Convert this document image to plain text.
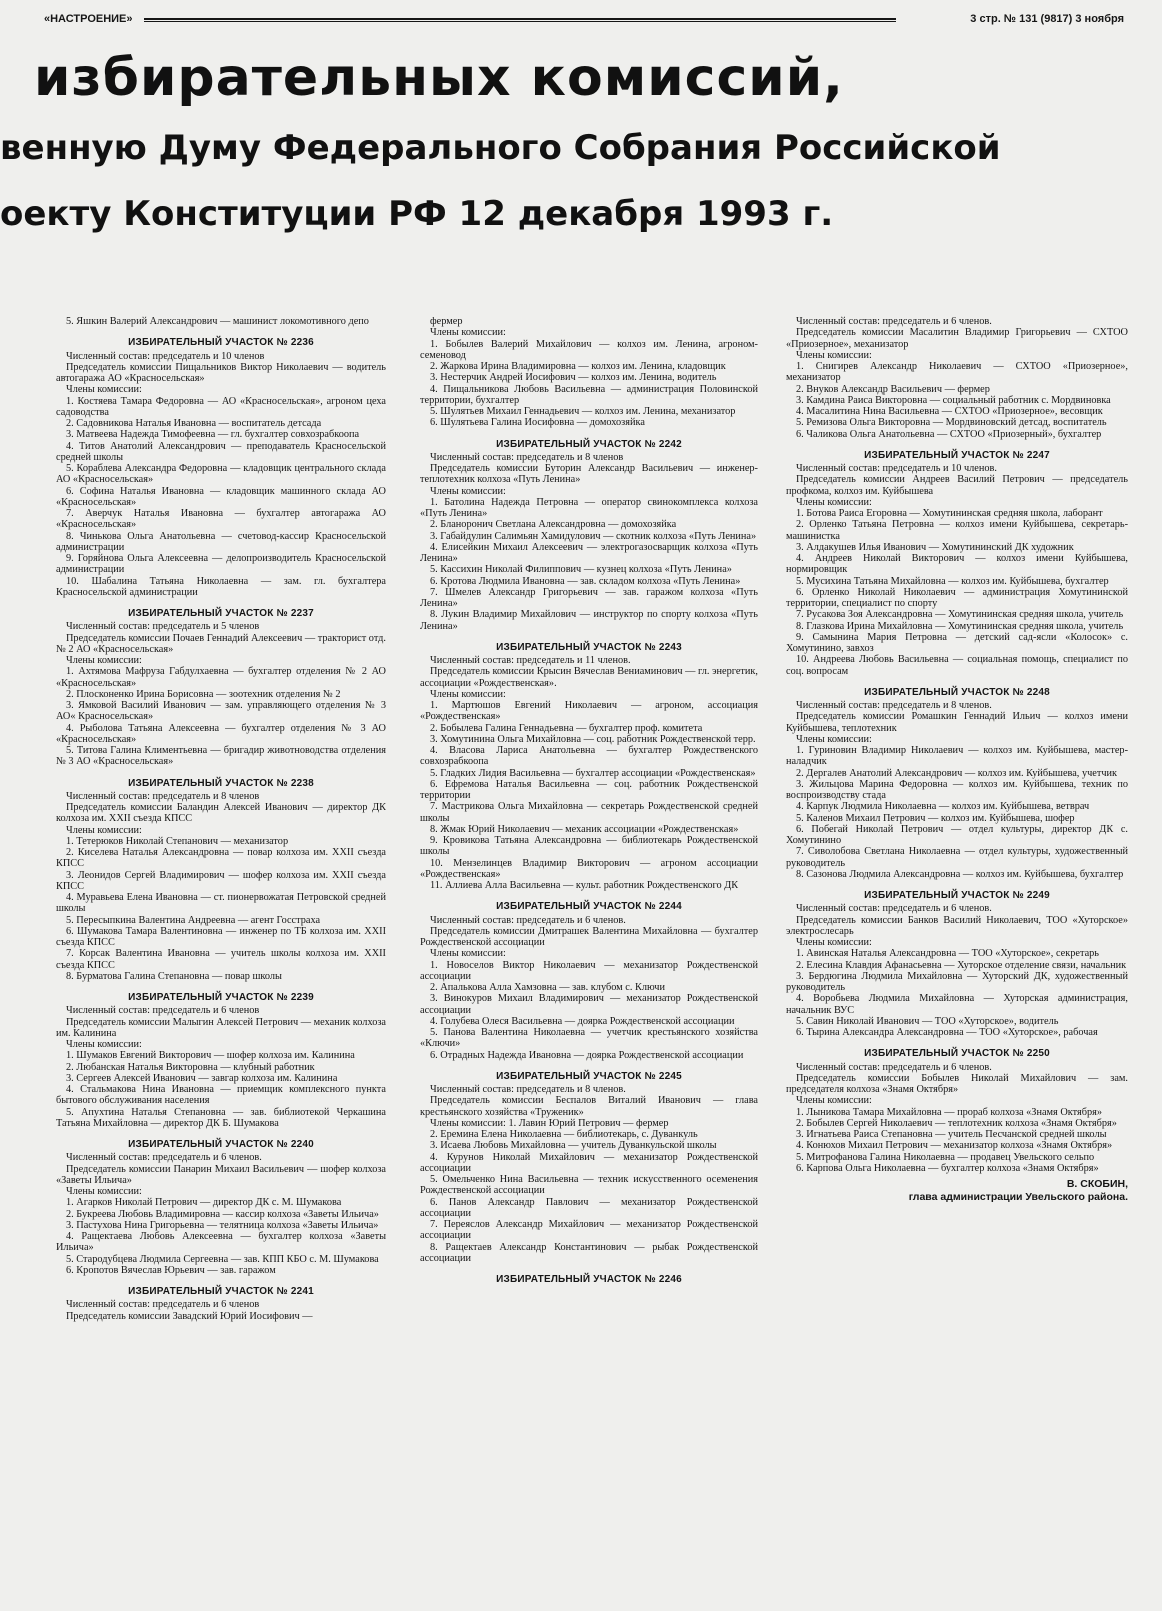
«НАСТРОЕНИЕ»	3 стр. № 131 (9817) 3 ноября
избирательных комиссий,
венную Думу Федерального Собрания Российской
оекту Конституции РФ 12 декабря 1993 г.
5. Яшкин Валерий Александрович — машинист локомотивного депо
ИЗБИРАТЕЛЬНЫЙ УЧАСТОК № 2236
Численный состав: председатель и 10 членов
Председатель комиссии Пищальников Виктор Николаевич — водитель автогаража АО «Красносельская»
Члены комиссии:
1. Костяева Тамара Федоровна — АО «Красносельская», агроном цеха садоводства
2. Садовникова Наталья Ивановна — воспитатель детсада
3. Матвеева Надежда Тимофеевна — гл. бухгалтер совхозрабкоопа
4. Титов Анатолий Александрович — преподаватель Красносельской средней школы
5. Кораблева Александра Федоровна — кладовщик центрального склада АО «Красносельская»
6. Софина Наталья Ивановна — кладовщик машинного склада АО «Красносельская»
7. Аверчук Наталья Ивановна — бухгалтер автогаража АО «Красносельская»
8. Чинькова Ольга Анатольевна — счетовод-кассир Красносельской администрации
9. Горяйнова Ольга Алексеевна — делопроизводитель Красносельской администрации
10. Шабалина Татьяна Николаевна — зам. гл. бухгалтера Красносельской администрации
ИЗБИРАТЕЛЬНЫЙ УЧАСТОК № 2237
Численный состав: председатель и 5 членов
Председатель комиссии Почаев Геннадий Алексеевич — тракторист отд. № 2 АО «Красносельская»
Члены комиссии:
1. Ахтямова Мафруза Габдулхаевна — бухгалтер отделения № 2 АО «Красносельская»
2. Плосконенко Ирина Борисовна — зоотехник отделения № 2
3. Ямковой Василий Иванович — зам. управляющего отделения № 3 АО« Красносельская»
4. Рыболова Татьяна Алексеевна — бухгалтер отделения № 3 АО «Красносельская»
5. Титова Галина Климентьевна — бригадир животноводства отделения № 3 АО «Красносельская»
ИЗБИРАТЕЛЬНЫЙ УЧАСТОК № 2238
Численный состав: председатель и 8 членов
Председатель комиссии Баландин Алексей Иванович — директор ДК колхоза им. XXII съезда КПСС
Члены комиссии:
1. Тетерюков Николай Степанович — механизатор
2. Киселева Наталья Александровна — повар колхоза им. XXII съезда КПСС
3. Леонидов Сергей Владимирович — шофер колхоза им. XXII съезда КПСС
4. Муравьева Елена Ивановна — ст. пионервожатая Петровской средней школы
5. Пересыпкина Валентина Андреевна — агент Госстраха
6. Шумакова Тамара Валентиновна — инженер по ТБ колхоза им. XXII съезда КПСС
7. Корсак Валентина Ивановна — учитель школы колхоза им. XXII съезда КПСС
8. Бурматова Галина Степановна — повар школы
ИЗБИРАТЕЛЬНЫЙ УЧАСТОК № 2239
Численный состав: председатель и 6 членов
Председатель комиссии Малыгин Алексей Петрович — механик колхоза им. Калинина
Члены комиссии:
1. Шумаков Евгений Викторович — шофер колхоза им. Калинина
2. Любанская Наталья Викторовна — клубный работник
3. Сергеев Алексей Иванович — завгар колхоза им. Калинина
4. Стальмакова Нина Ивановна — приемщик комплексного пункта бытового обслуживания населения
5. Апухтина Наталья Степановна — зав. библиотекой Черкашина Татьяна Михайловна — директор ДК Б. Шумакова
ИЗБИРАТЕЛЬНЫЙ УЧАСТОК № 2240
Численный состав: председатель и 6 членов.
Председатель комиссии Панарин Михаил Васильевич — шофер колхоза «Заветы Ильича»
Члены комиссии:
1. Агарков Николай Петрович — директор ДК с. М. Шумакова
2. Букреева Любовь Владимировна — кассир колхоза «Заветы Ильича»
3. Пастухова Нина Григорьевна — телятница колхоза «Заветы Ильича»
4. Ращектаева Любовь Алексеевна — бухгалтер колхоза «Заветы Ильича»
5. Стародубцева Людмила Сергеевна — зав. КПП КБО с. М. Шумакова
6. Кропотов Вячеслав Юрьевич — зав. гаражом
ИЗБИРАТЕЛЬНЫЙ УЧАСТОК № 2241
Численный состав: председатель и 6 членов
Председатель комиссии Завадский Юрий Иосифович —
фермер
Члены комиссии:
1. Бобылев Валерий Михайлович — колхоз им. Ленина, агроном-семеновод
2. Жаркова Ирина Владимировна — колхоз им. Ленина, кладовщик
3. Нестерчик Андрей Иосифович — колхоз им. Ленина, водитель
4. Пищальникова Любовь Васильевна — администрация Половинской территории, бухгалтер
5. Шулятьев Михаил Геннадьевич — колхоз им. Ленина, механизатор
6. Шулятьева Галина Иосифовна — домохозяйка
ИЗБИРАТЕЛЬНЫЙ УЧАСТОК № 2242
Численный состав: председатель и 8 членов
Председатель комиссии Буторин Александр Васильевич — инженер-теплотехник колхоза «Путь Ленина»
Члены комиссии:
1. Батолина Надежда Петровна — оператор свинокомплекса колхоза «Путь Ленина»
2. Бланоронич Светлана Александровна — домохозяйка
3. Габайдулин Салимьян Хамидулович — скотник колхоза «Путь Ленина»
4. Елисейкин Михаил Алексеевич — электрогазосварщик колхоза «Путь Ленина»
5. Кассихин Николай Филиппович — кузнец колхоза «Путь Ленина»
6. Кротова Людмила Ивановна — зав. складом колхоза «Путь Ленина»
7. Шмелев Александр Григорьевич — зав. гаражом колхоза «Путь Ленина»
8. Лукин Владимир Михайлович — инструктор по спорту колхоза «Путь Ленина»
ИЗБИРАТЕЛЬНЫЙ УЧАСТОК № 2243
Численный состав: председатель и 11 членов.
Председатель комиссии Крысин Вячеслав Вениаминович — гл. энергетик, ассоциации «Рождественская».
Члены комиссии:
1. Мартюшов Евгений Николаевич — агроном, ассоциация «Рождественская»
2. Бобылева Галина Геннадьевна — бухгалтер проф. комитета
3. Хомутинина Ольга Михайловна — соц. работник Рождественской терр.
4. Власова Лариса Анатольевна — бухгалтер Рождественского совхозрабкоопа
5. Гладких Лидия Васильевна — бухгалтер ассоциации «Рождественская»
6. Ефремова Наталья Васильевна — соц. работник Рождественской территории
7. Мастрикова Ольга Михайловна — секретарь Рождественской средней школы
8. Жмак Юрий Николаевич — механик ассоциации «Рождественская»
9. Кровикова Татьяна Александровна — библиотекарь Рождественской школы
10. Мензелинцев Владимир Викторович — агроном ассоциации «Рождественская»
11. Аллиева Алла Васильевна — культ. работник Рождественского ДК
ИЗБИРАТЕЛЬНЫЙ УЧАСТОК № 2244
Численный состав: председатель и 6 членов.
Председатель комиссии Дмитрашек Валентина Михайловна — бухгалтер Рождественской ассоциации
Члены комиссии:
1. Новоселов Виктор Николаевич — механизатор Рождественской ассоциации
2. Апалькова Алла Хамзовна — зав. клубом с. Ключи
3. Винокуров Михаил Владимирович — механизатор Рождественской ассоциации
4. Голубева Олеся Васильевна — доярка Рождественской ассоциации
5. Панова Валентина Николаевна — учетчик крестьянского хозяйства «Ключи»
6. Отрадных Надежда Ивановна — доярка Рождественской ассоциации
ИЗБИРАТЕЛЬНЫЙ УЧАСТОК № 2245
Численный состав: председатель и 8 членов.
Председатель комиссии Беспалов Виталий Иванович — глава крестьянского хозяйства «Труженик»
Члены комиссии: 1. Лавин Юрий Петрович — фермер
2. Еремина Елена Николаевна — библиотекарь, с. Дуванкуль
3. Исаева Любовь Михайловна — учитель Дуванкульской школы
4. Курунов Николай Михайлович — механизатор Рождественской ассоциации
5. Омельченко Нина Васильевна — техник искусственного осеменения Рождественской ассоциации
6. Панов Александр Павлович — механизатор Рождественской ассоциации
7. Переяслов Александр Михайлович — механизатор Рождественской ассоциации
8. Ращектаев Александр Константинович — рыбак Рождественской ассоциации
ИЗБИРАТЕЛЬНЫЙ УЧАСТОК № 2246
Численный состав: председатель и 6 членов.
Председатель комиссии Масалитин Владимир Григорьевич — СХТОО «Приозерное», механизатор
Члены комиссии:
1. Снигирев Александр Николаевич — СХТОО «Приозерное», механизатор
2. Внуков Александр Васильевич — фермер
3. Камдина Раиса Викторовна — социальный работник с. Мордвиновка
4. Масалитина Нина Васильевна — СХТОО «Приозерное», весовщик
5. Ремизова Ольга Викторовна — Мордвиновский детсад, воспитатель
6. Чаликова Ольга Анатольевна — СХТОО «Приозерный», бухгалтер
ИЗБИРАТЕЛЬНЫЙ УЧАСТОК № 2247
Численный состав: председатель и 10 членов.
Председатель комиссии Андреев Василий Петрович — председатель профкома, колхоз им. Куйбышева
Члены комиссии:
1. Ботова Раиса Егоровна — Хомутининская средняя школа, лаборант
2. Орленко Татьяна Петровна — колхоз имени Куйбышева, секретарь-машинистка
3. Алдакушев Илья Иванович — Хомутининский ДК художник
4. Андреев Николай Викторович — колхоз имени Куйбышева, нормировщик
5. Мусихина Татьяна Михайловна — колхоз им. Куйбышева, бухгалтер
6. Орленко Николай Николаевич — администрация Хомутининской территории, специалист по спорту
7. Русакова Зоя Александровна — Хомутининская средняя школа, учитель
8. Глазкова Ирина Михайловна — Хомутининская средняя школа, учитель
9. Самынина Мария Петровна — детский сад-ясли «Колосок» с. Хомутинино, завхоз
10. Андреева Любовь Васильевна — социальная помощь, специалист по соц. вопросам
ИЗБИРАТЕЛЬНЫЙ УЧАСТОК № 2248
Численный состав: председатель и 8 членов.
Председатель комиссии Ромашкин Геннадий Ильич — колхоз имени Куйбышева, теплотехник
Члены комиссии:
1. Гуриновин Владимир Николаевич — колхоз им. Куйбышева, мастер-наладчик
2. Дергалев Анатолий Александрович — колхоз им. Куйбышева, учетчик
3. Жильцова Марина Федоровна — колхоз им. Куйбышева, техник по воспроизводству стада
4. Карпук Людмила Николаевна — колхоз им. Куйбышева, ветврач
5. Каленов Михаил Петрович — колхоз им. Куйбышева, шофер
6. Побегай Николай Петрович — отдел культуры, директор ДК с. Хомутинино
7. Сиволобова Светлана Николаевна — отдел культуры, художественный руководитель
8. Сазонова Людмила Александровна — колхоз им. Куйбышева, бухгалтер
ИЗБИРАТЕЛЬНЫЙ УЧАСТОК № 2249
Численный состав: председатель и 6 членов.
Председатель комиссии Банков Василий Николаевич, ТОО «Хуторское» электрослесарь
Члены комиссии:
1. Авинская Наталья Александровна — ТОО «Хуторское», секретарь
2. Елесина Клавдия Афанасьевна — Хуторское отделение связи, начальник
3. Бердюгина Людмила Михайловна — Хуторский ДК, художественный руководитель
4. Воробьева Людмила Михайловна — Хуторская администрация, начальник ВУС
5. Савин Николай Иванович — ТОО «Хуторское», водитель
6. Тырина Александра Александровна — ТОО «Хуторское», рабочая
ИЗБИРАТЕЛЬНЫЙ УЧАСТОК № 2250
Численный состав: председатель и 6 членов.
Председатель комиссии Бобылев Николай Михайлович — зам. председателя колхоза «Знамя Октября»
Члены комиссии:
1. Лыникова Тамара Михайловна — прораб колхоза «Знамя Октября»
2. Бобылев Сергей Николаевич — теплотехник колхоза «Знамя Октября»
3. Игнатьева Раиса Степановна — учитель Песчанской средней школы
4. Конюхов Михаил Петрович — механизатор колхоза «Знамя Октября»
5. Митрофанова Галина Николаевна — продавец Увельского сельпо
6. Карпова Ольга Николаевна — бухгалтер колхоза «Знамя Октября»
В. СКОБИН,
глава администрации Увельского района.
